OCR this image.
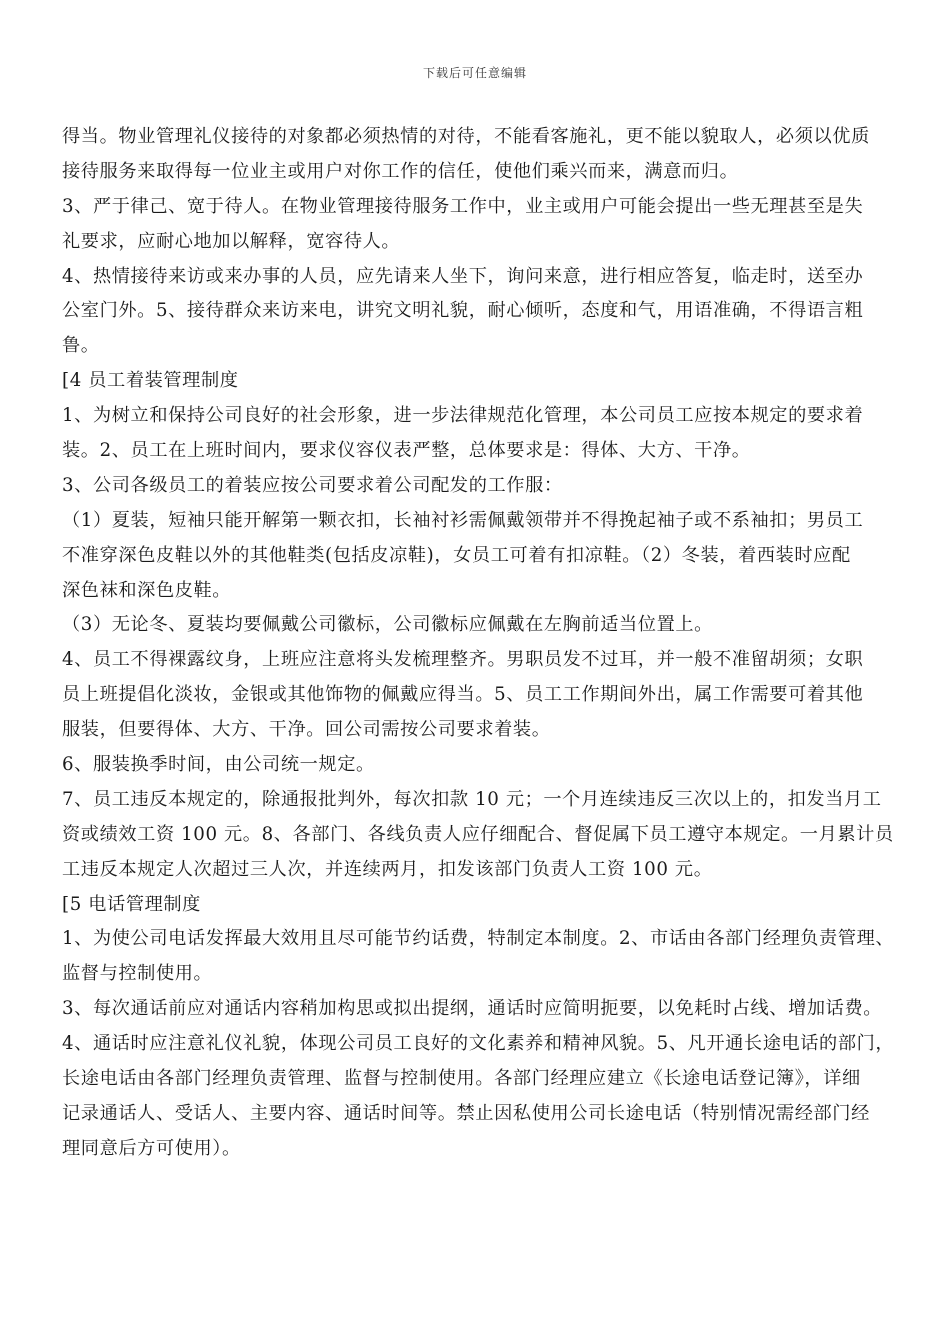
下载后可任意编辑
得当。物业管理礼仪接待的对象都必须热情的对待，不能看客施礼，更不能以貌取人，必须以优质
接待服务来取得每一位业主或用户对你工作的信任，使他们乘兴而来，满意而归。
3、严于律己、宽于待人。在物业管理接待服务工作中，业主或用户可能会提出一些无理甚至是失
礼要求，应耐心地加以解释，宽容待人。
4、热情接待来访或来办事的人员，应先请来人坐下，询问来意，进行相应答复，临走时，送至办
公室门外。5、接待群众来访来电，讲究文明礼貌，耐心倾听，态度和气，用语准确，不得语言粗
鲁。
[4 员工着装管理制度
1、为树立和保持公司良好的社会形象，进一步法律规范化管理，本公司员工应按本规定的要求着
装。2、员工在上班时间内，要求仪容仪表严整，总体要求是：得体、大方、干净。
3、公司各级员工的着装应按公司要求着公司配发的工作服：
（1）夏装，短袖只能开解第一颗衣扣，长袖衬衫需佩戴领带并不得挽起袖子或不系袖扣；男员工
不准穿深色皮鞋以外的其他鞋类(包括皮凉鞋)，女员工可着有扣凉鞋。（2）冬装，着西装时应配
深色袜和深色皮鞋。
（3）无论冬、夏装均要佩戴公司徽标，公司徽标应佩戴在左胸前适当位置上。
4、员工不得裸露纹身，上班应注意将头发梳理整齐。男职员发不过耳，并一般不准留胡须；女职
员上班提倡化淡妆，金银或其他饰物的佩戴应得当。5、员工工作期间外出，属工作需要可着其他
服装，但要得体、大方、干净。回公司需按公司要求着装。
6、服装换季时间，由公司统一规定。
7、员工违反本规定的，除通报批判外，每次扣款 10 元；一个月连续违反三次以上的，扣发当月工
资或绩效工资 100 元。8、各部门、各线负责人应仔细配合、督促属下员工遵守本规定。一月累计员
工违反本规定人次超过三人次，并连续两月，扣发该部门负责人工资 100 元。
[5 电话管理制度
1、为使公司电话发挥最大效用且尽可能节约话费，特制定本制度。2、市话由各部门经理负责管理、
监督与控制使用。
3、每次通话前应对通话内容稍加构思或拟出提纲，通话时应简明扼要，以免耗时占线、增加话费。
4、通话时应注意礼仪礼貌，体现公司员工良好的文化素养和精神风貌。5、凡开通长途电话的部门，
长途电话由各部门经理负责管理、监督与控制使用。各部门经理应建立《长途电话登记簿》，详细
记录通话人、受话人、主要内容、通话时间等。禁止因私使用公司长途电话（特别情况需经部门经
理同意后方可使用）。
